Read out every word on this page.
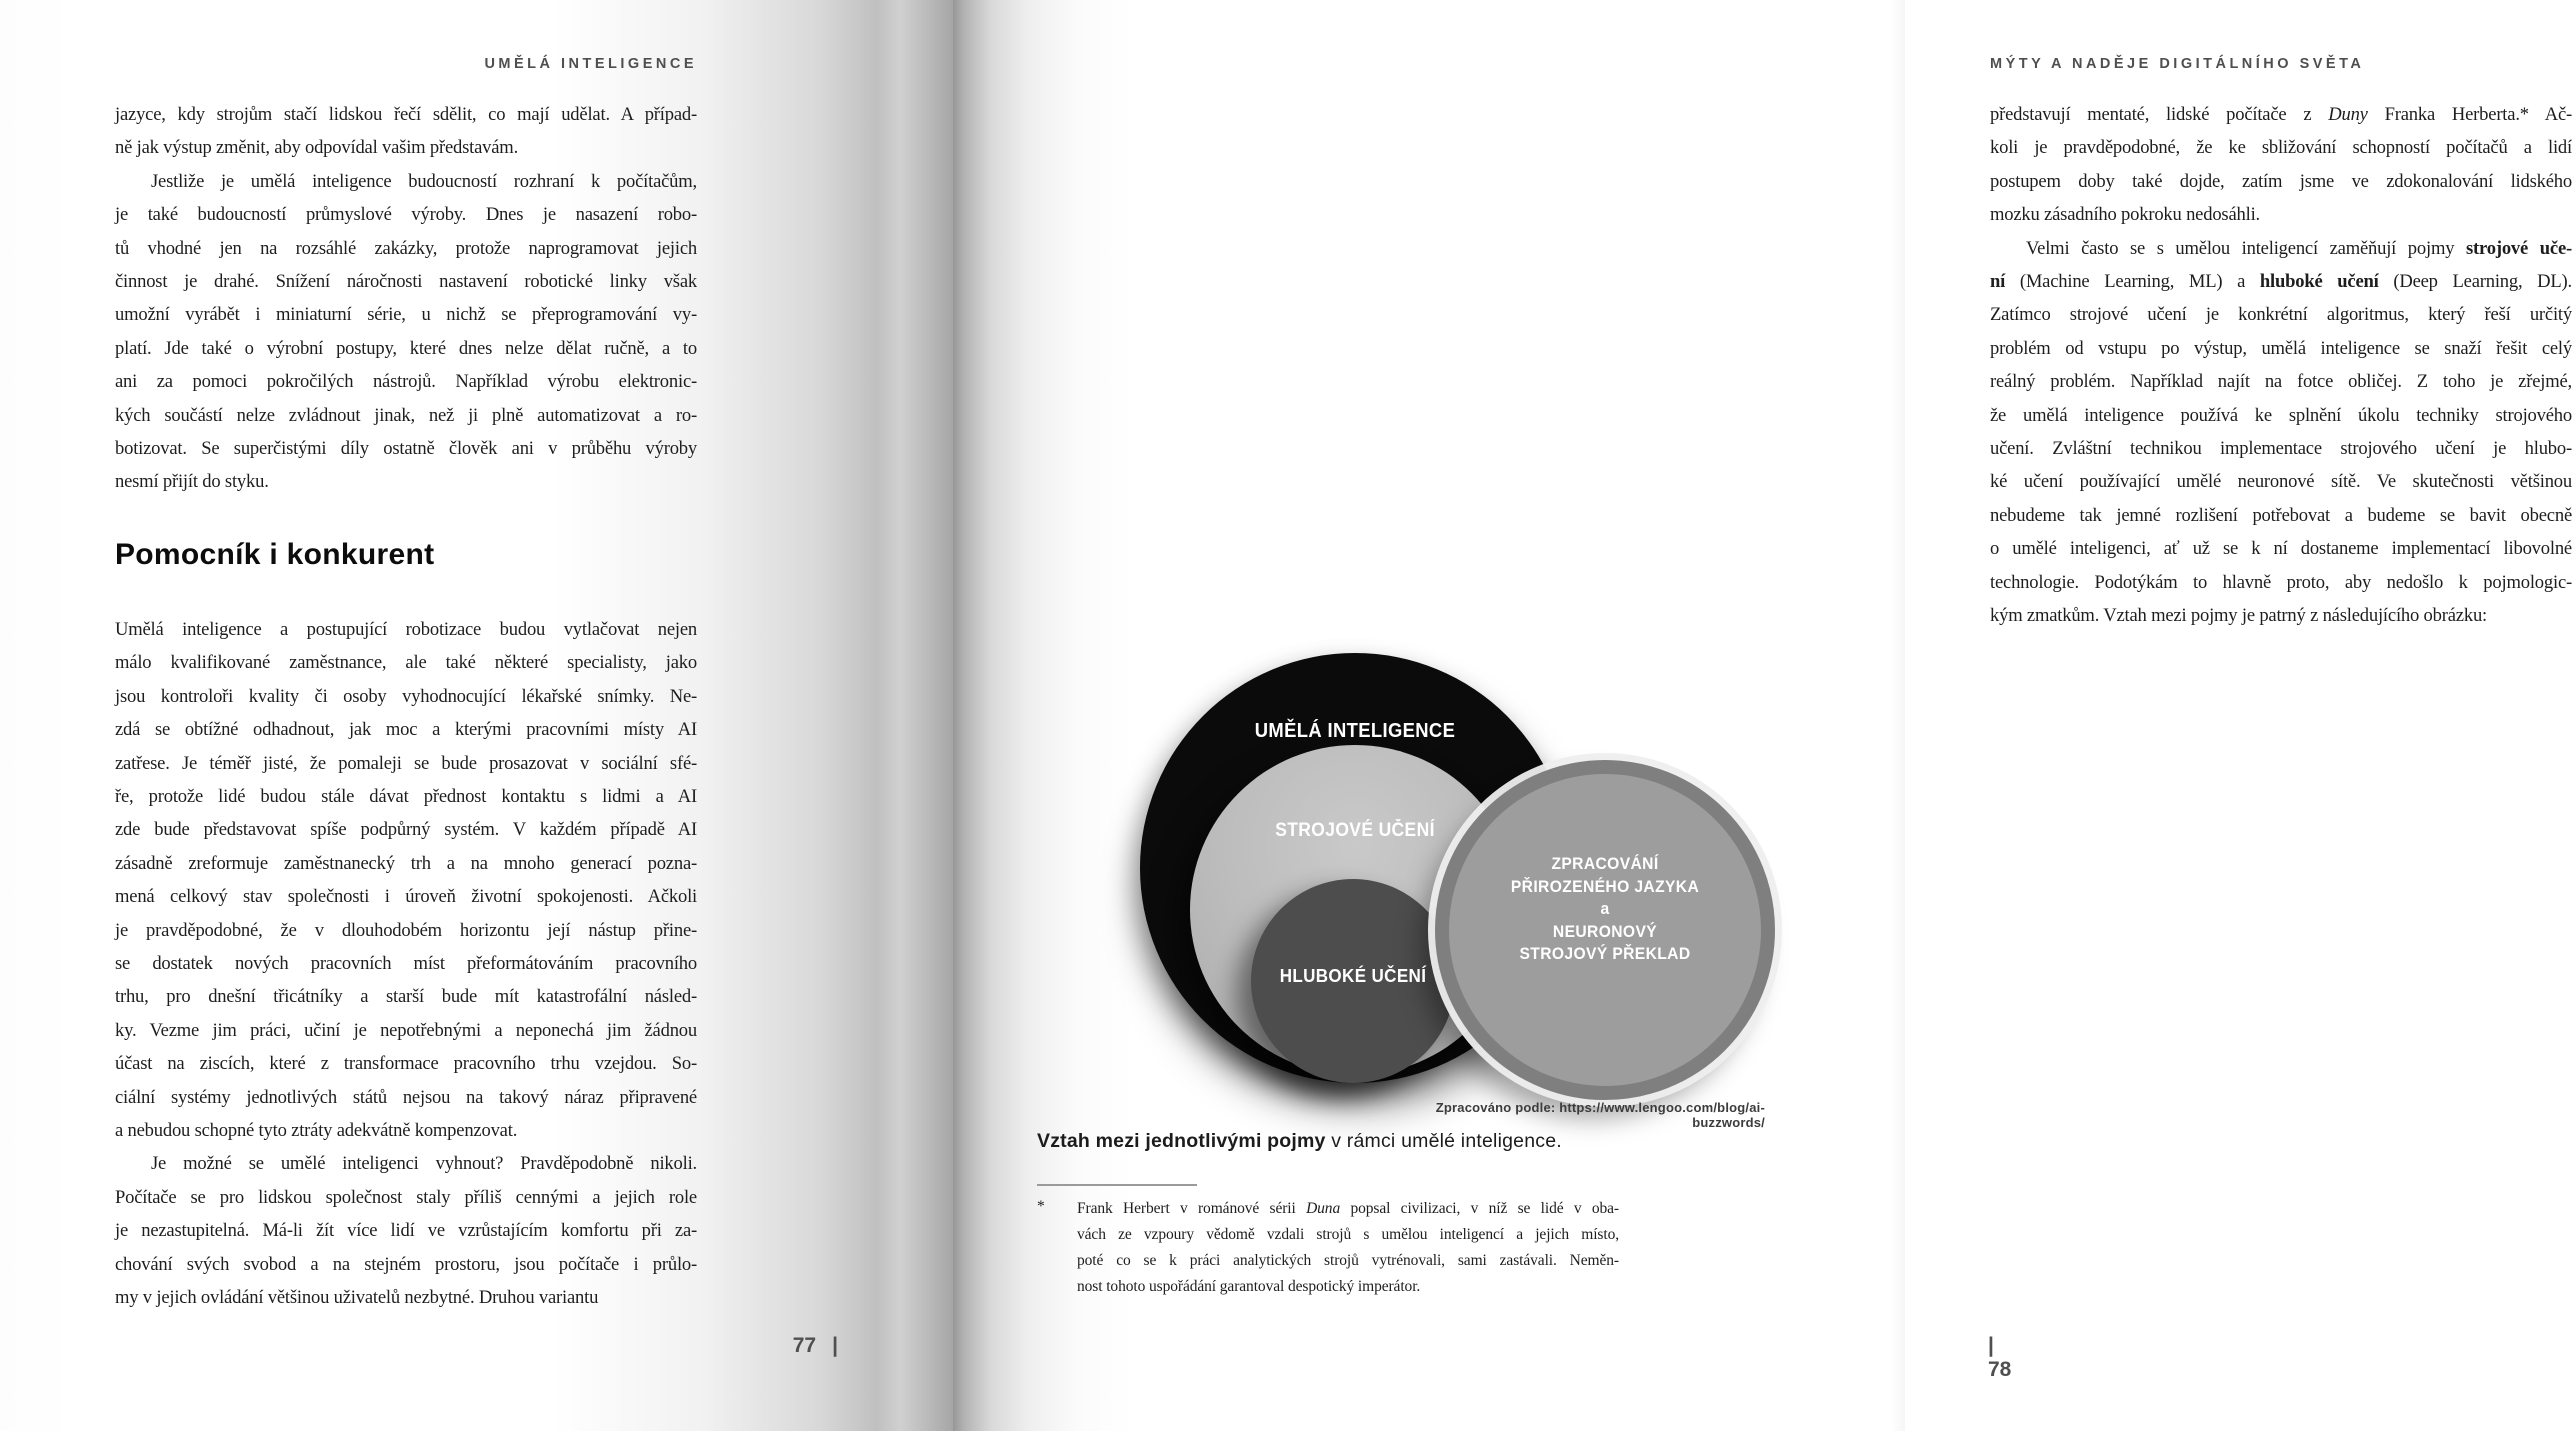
UMĚLÁ INTELIGENCE
jazyce, kdy strojům stačí lidskou řečí sdělit, co mají udělat. A případ-
ně jak výstup změnit, aby odpovídal vašim představám.
Jestliže je umělá inteligence budoucností rozhraní k počítačům,
je také budoucností průmyslové výroby. Dnes je nasazení robo-
tů vhodné jen na rozsáhlé zakázky, protože naprogramovat jejich
činnost je drahé. Snížení náročnosti nastavení robotické linky však
umožní vyrábět i miniaturní série, u nichž se přeprogramování vy-
platí. Jde také o výrobní postupy, které dnes nelze dělat ručně, a to
ani za pomoci pokročilých nástrojů. Například výrobu elektronic-
kých součástí nelze zvládnout jinak, než ji plně automatizovat a ro-
botizovat. Se superčistými díly ostatně člověk ani v průběhu výroby
nesmí přijít do styku.
Pomocník i konkurent
Umělá inteligence a postupující robotizace budou vytlačovat nejen
málo kvalifikované zaměstnance, ale také některé specialisty, jako
jsou kontroloři kvality či osoby vyhodnocující lékařské snímky. Ne-
zdá se obtížné odhadnout, jak moc a kterými pracovními místy AI
zatřese. Je téměř jisté, že pomaleji se bude prosazovat v sociální sfé-
ře, protože lidé budou stále dávat přednost kontaktu s lidmi a AI
zde bude představovat spíše podpůrný systém. V každém případě AI
zásadně zreformuje zaměstnanecký trh a na mnoho generací pozna-
mená celkový stav společnosti i úroveň životní spokojenosti. Ačkoli
je pravděpodobné, že v dlouhodobém horizontu její nástup přine-
se dostatek nových pracovních míst přeformátováním pracovního
trhu, pro dnešní třicátníky a starší bude mít katastrofální násled-
ky. Vezme jim práci, učiní je nepotřebnými a neponechá jim žádnou
účast na ziscích, které z transformace pracovního trhu vzejdou. So-
ciální systémy jednotlivých států nejsou na takový náraz připravené
a nebudou schopné tyto ztráty adekvátně kompenzovat.
Je možné se umělé inteligenci vyhnout? Pravděpodobně nikoli.
Počítače se pro lidskou společnost staly příliš cennými a jejich role
je nezastupitelná. Má-li žít více lidí ve vzrůstajícím komfortu při za-
chování svých svobod a na stejném prostoru, jsou počítače i průlo-
my v jejich ovládání většinou uživatelů nezbytné. Druhou variantu
77 |
MÝTY A NADĚJE DIGITÁLNÍHO SVĚTA
představují mentaté, lidské počítače z Duny Franka Herberta.* Ač-
koli je pravděpodobné, že ke sbližování schopností počítačů a lidí
postupem doby také dojde, zatím jsme ve zdokonalování lidského
mozku zásadního pokroku nedosáhli.
Velmi často se s umělou inteligencí zaměňují pojmy strojové uče-
ní (Machine Learning, ML) a hluboké učení (Deep Learning, DL).
Zatímco strojové učení je konkrétní algoritmus, který řeší určitý
problém od vstupu po výstup, umělá inteligence se snaží řešit celý
reálný problém. Například najít na fotce obličej. Z toho je zřejmé,
že umělá inteligence používá ke splnění úkolu techniky strojového
učení. Zvláštní technikou implementace strojového učení je hlubo-
ké učení používající umělé neuronové sítě. Ve skutečnosti většinou
nebudeme tak jemné rozlišení potřebovat a budeme se bavit obecně
o umělé inteligenci, ať už se k ní dostaneme implementací libovolné
technologie. Podotýkám to hlavně proto, aby nedošlo k pojmologic-
kým zmatkům. Vztah mezi pojmy je patrný z následujícího obrázku:
|78
UMĚLÁ INTELIGENCE
STROJOVÉ UČENÍ
HLUBOKÉ UČENÍ
ZPRACOVÁNÍ
PŘIROZENÉHO JAZYKA
a
NEURONOVÝ
STROJOVÝ PŘEKLAD
Zpracováno podle: https://www.lengoo.com/blog/ai-buzzwords/
Vztah mezi jednotlivými pojmy v rámci umělé inteligence.
* Frank Herbert v románové sérii Duna popsal civilizaci, v níž se lidé v oba-
vách ze vzpoury vědomě vzdali strojů s umělou inteligencí a jejich místo,
poté co se k práci analytických strojů vytrénovali, sami zastávali. Neměn-
nost tohoto uspořádání garantoval despotický imperátor.
